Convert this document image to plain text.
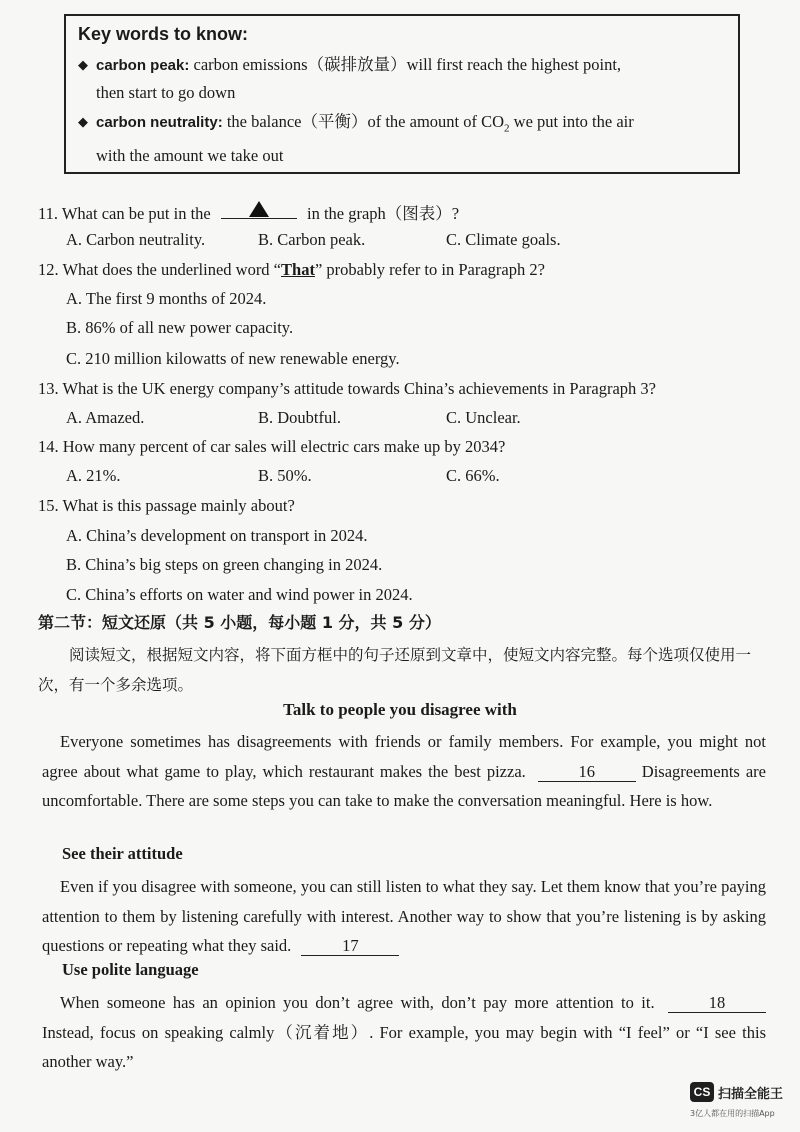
Key words to know:
◆ carbon peak: carbon emissions（碳排放量）will first reach the highest point,
then start to go down
◆ carbon neutrality: the balance（平衡）of the amount of $CO_2$ we put into the air
with the amount we take out
11. What can be put in the	in the graph（图表）?
A. Carbon neutrality.	B. Carbon peak.	C. Climate goals.
12. What does the underlined word “That” probably refer to in Paragraph 2?
A. The first 9 months of 2024.
B. 86% of all new power capacity.
C. 210 million kilowatts of new renewable energy.
13. What is the UK energy company’s attitude towards China’s achievements in Paragraph 3?
A. Amazed.	B. Doubtful.	C. Unclear.
14. How many percent of car sales will electric cars make up by 2034?
A. 21%.	B. 50%.	C. 66%.
15. What is this passage mainly about?
A. China’s development on transport in 2024.
B. China’s big steps on green changing in 2024.
C. China’s efforts on water and wind power in 2024.
第二节：短文还原（共 5 小题，每小题 1 分，共 5 分）
阅读短文，根据短文内容，将下面方框中的句子还原到文章中，使短文内容完整。每个选项仅使用一次，有一个多余选项。
Talk to people you disagree with
Everyone sometimes has disagreements with friends or family members. For example, you might not agree about what game to play, which restaurant makes the best pizza.	16	Disagreements are uncomfortable. There are some steps you can take to make the conversation meaningful. Here is how.
See their attitude
Even if you disagree with someone, you can still listen to what they say. Let them know that you’re paying attention to them by listening carefully with interest. Another way to show that you’re listening is by asking questions or repeating what they said.	17
Use polite language
When someone has an opinion you don’t agree with, don’t pay more attention to it.	18 Instead, focus on speaking calmly（沉着地）. For example, you may begin with “I feel” or “I see this another way.”
CS 扫描全能王
3亿人都在用的扫描App
